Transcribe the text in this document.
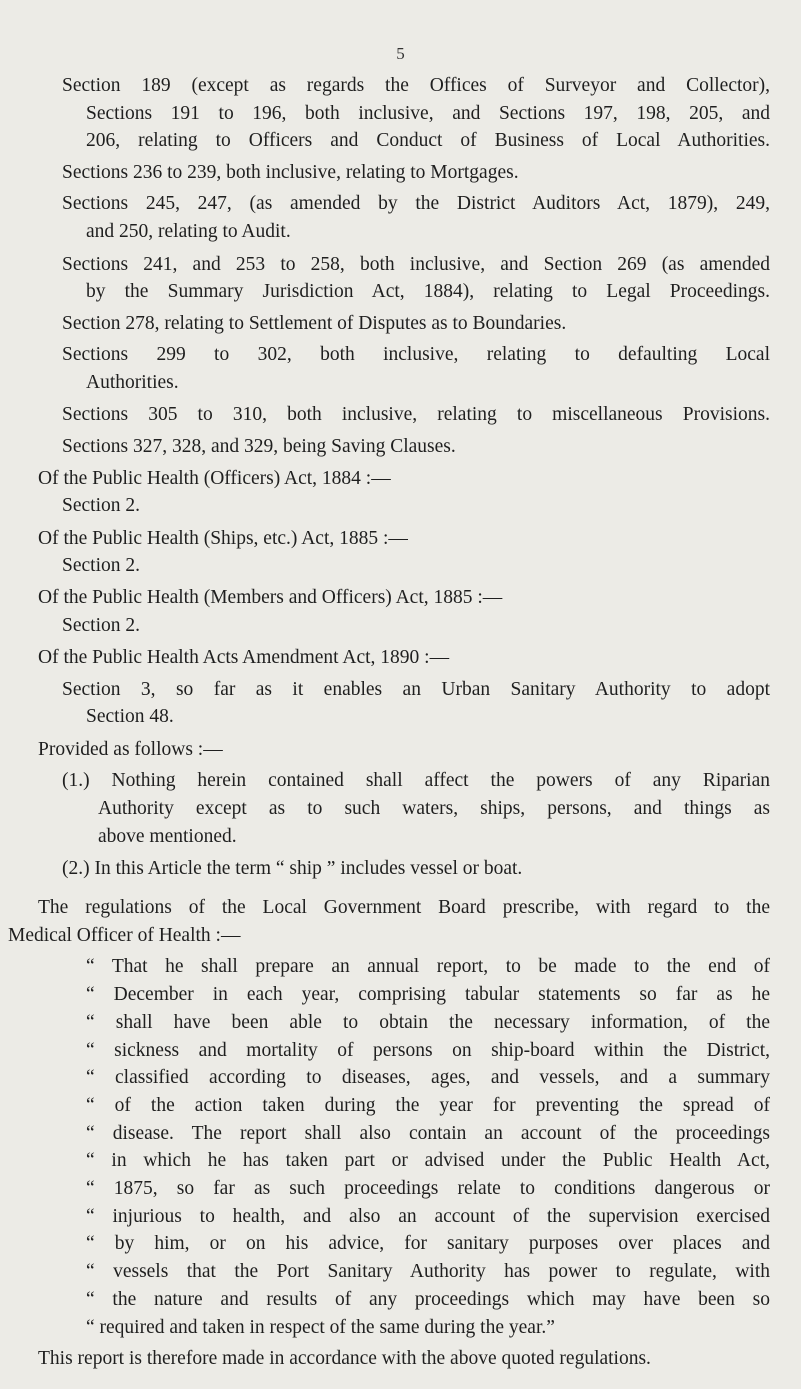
5
Section 189 (except as regards the Offices of Surveyor and Collector),
Sections 191 to 196, both inclusive, and Sections 197, 198, 205, and
206, relating to Officers and Conduct of Business of Local Authorities.
Sections 236 to 239, both inclusive, relating to Mortgages.
Sections 245, 247, (as amended by the District Auditors Act, 1879), 249,
and 250, relating to Audit.
Sections 241, and 253 to 258, both inclusive, and Section 269 (as amended
by the Summary Jurisdiction Act, 1884), relating to Legal Proceedings.
Section 278, relating to Settlement of Disputes as to Boundaries.
Sections 299 to 302, both inclusive, relating to defaulting Local
Authorities.
Sections 305 to 310, both inclusive, relating to miscellaneous Provisions.
Sections 327, 328, and 329, being Saving Clauses.
Of the Public Health (Officers) Act, 1884 :—
Section 2.
Of the Public Health (Ships, etc.) Act, 1885 :—
Section 2.
Of the Public Health (Members and Officers) Act, 1885 :—
Section 2.
Of the Public Health Acts Amendment Act, 1890 :—
Section 3, so far as it enables an Urban Sanitary Authority to adopt
Section 48.
Provided as follows :—
(1.) Nothing herein contained shall affect the powers of any Riparian
Authority except as to such waters, ships, persons, and things as
above mentioned.
(2.) In this Article the term “ ship ” includes vessel or boat.
The regulations of the Local Government Board prescribe, with regard to the
Medical Officer of Health :—
“ That he shall prepare an annual report, to be made to the end of
“ December in each year, comprising tabular statements so far as he
“ shall have been able to obtain the necessary information, of the
“ sickness and mortality of persons on ship-board within the District,
“ classified according to diseases, ages, and vessels, and a summary
“ of the action taken during the year for preventing the spread of
“ disease. The report shall also contain an account of the proceedings
“ in which he has taken part or advised under the Public Health Act,
“ 1875, so far as such proceedings relate to conditions dangerous or
“ injurious to health, and also an account of the supervision exercised
“ by him, or on his advice, for sanitary purposes over places and
“ vessels that the Port Sanitary Authority has power to regulate, with
“ the nature and results of any proceedings which may have been so
“ required and taken in respect of the same during the year.”
This report is therefore made in accordance with the above quoted regulations.
